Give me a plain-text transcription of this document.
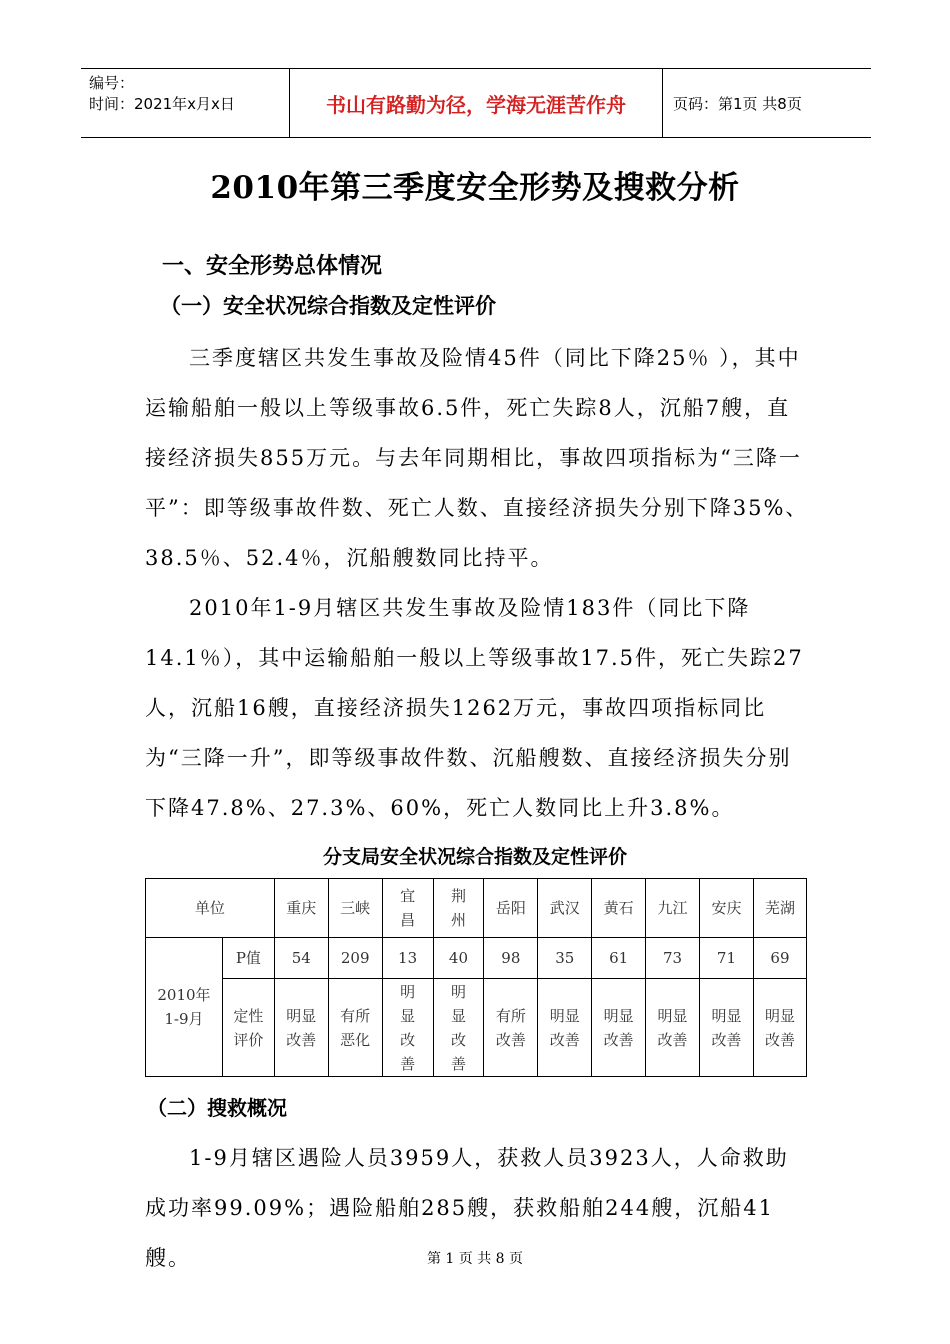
编号：
时间：2021年x月x日	书山有路勤为径，学海无涯苦作舟	页码：第1页 共8页
2010年第三季度安全形势及搜救分析
一、安全形势总体情况
（一）安全状况综合指数及定性评价

三季度辖区共发生事故及险情45件（同比下降25％ ），其中运输船舶一般以上等级事故6.5件，死亡失踪8人，沉船7艘，直接经济损失855万元。与去年同期相比，事故四项指标为“三降一平”：即等级事故件数、死亡人数、直接经济损失分别下降35%、38.5％、52.4％，沉船艘数同比持平。

2010年1-9月辖区共发生事故及险情183件（同比下降14.1％），其中运输船舶一般以上等级事故17.5件，死亡失踪27人，沉船16艘，直接经济损失1262万元，事故四项指标同比为“三降一升”，即等级事故件数、沉船艘数、直接经济损失分别下降47.8%、27.3%、60%，死亡人数同比上升3.8%。

分支局安全状况综合指数及定性评价
单位		重庆	三峡	宜昌	荆州	岳阳	武汉	黄石	九江	安庆	芜湖

2010年1-9月	P值	54	209	13	40	98	35	61	73	71	69

	定性评价	明显改善	有所恶化	明显改善	明显改善	有所改善	明显改善	明显改善	明显改善	明显改善	明显改善
（二）搜救概况

1-9月辖区遇险人员3959人，获救人员3923人，人命救助成功率99.09%；遇险船舶285艘，获救船舶244艘，沉船41艘。	第 1 页 共 8 页
